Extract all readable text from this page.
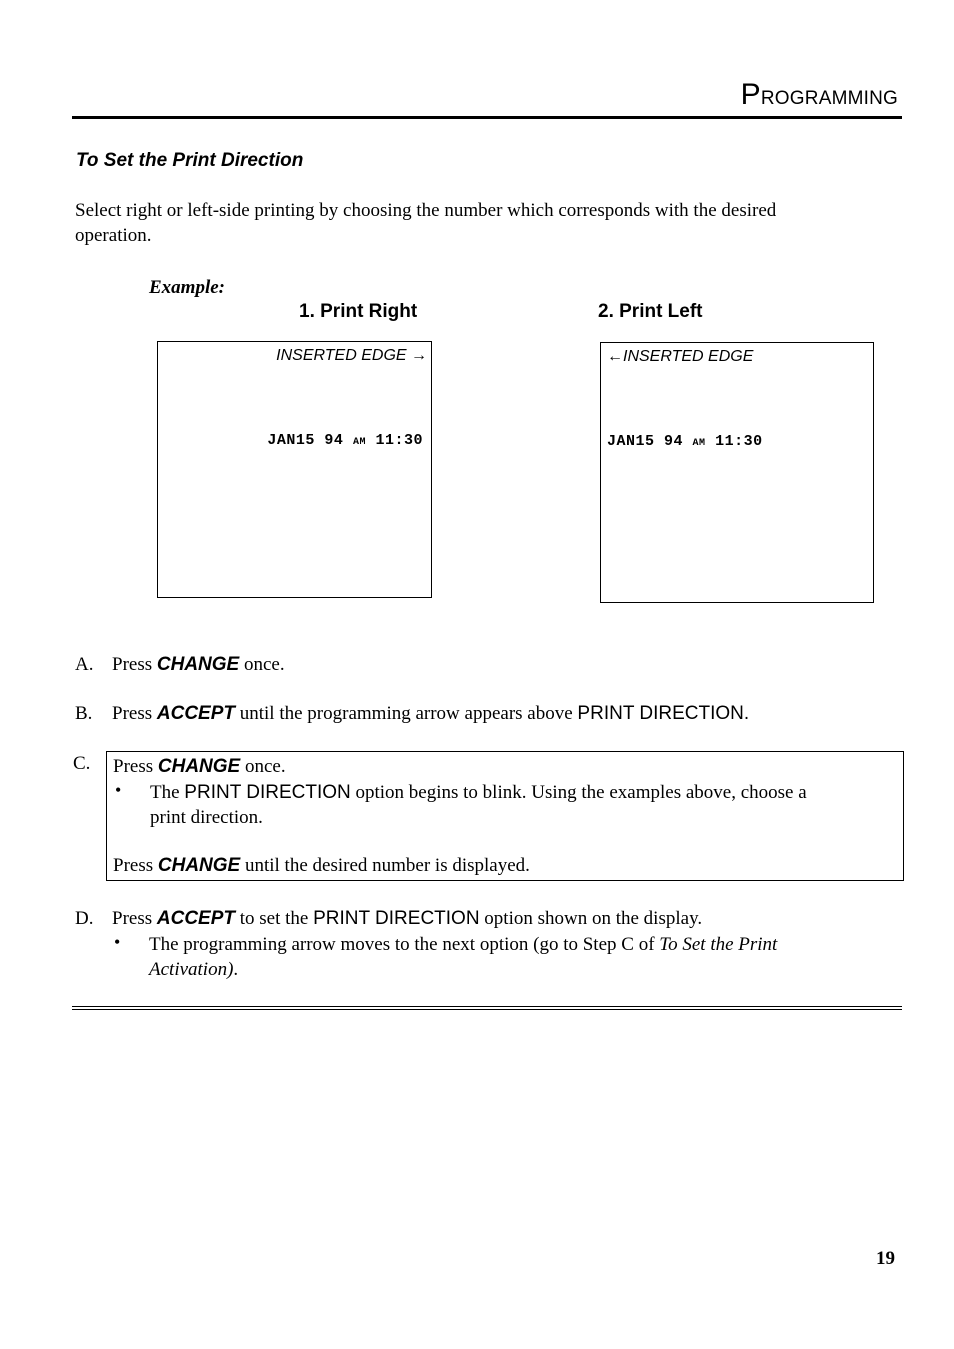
PROGRAMMING
To Set the Print Direction
Select right or left-side printing by choosing the number which corresponds with the desired operation.
Example:
1. Print Right	2. Print Left
INSERTED EDGE →
JAN15 94 AM 11:30
←INSERTED EDGE
JAN15 94 AM 11:30
A. Press CHANGE once.
B. Press ACCEPT until the programming arrow appears above PRINT DIRECTION.
C. Press CHANGE once.
• The PRINT DIRECTION option begins to blink. Using the examples above, choose a
print direction.
Press CHANGE until the desired number is displayed.
D. Press ACCEPT to set the PRINT DIRECTION option shown on the display.
• The programming arrow moves to the next option (go to Step C of To Set the Print
Activation).
19
